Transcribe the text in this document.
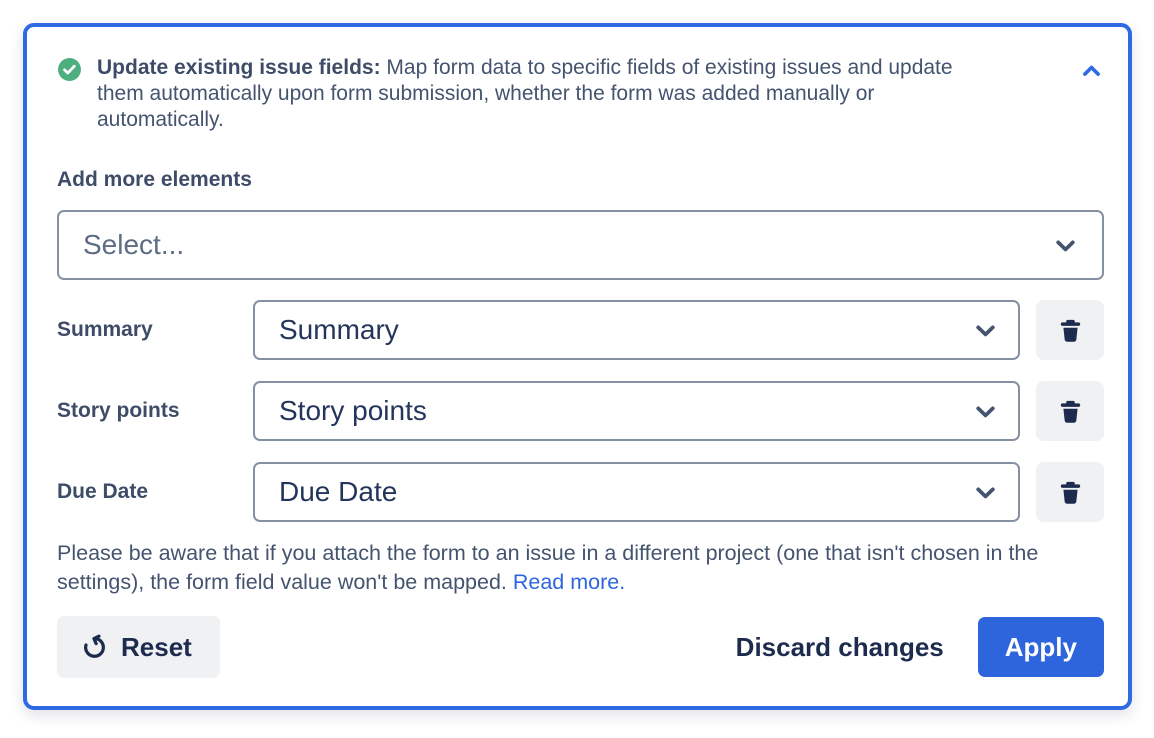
Update existing issue fields: Map form data to specific fields of existing issues and update them automatically upon form submission, whether the form was added manually or automatically.

Add more elements
Select...
Summary	Summary
Story points	Story points
Due Date	Due Date

Please be aware that if you attach the form to an issue in a different project (one that isn't chosen in the settings), the form field value won't be mapped. Read more.

Reset	Discard changes	Apply
